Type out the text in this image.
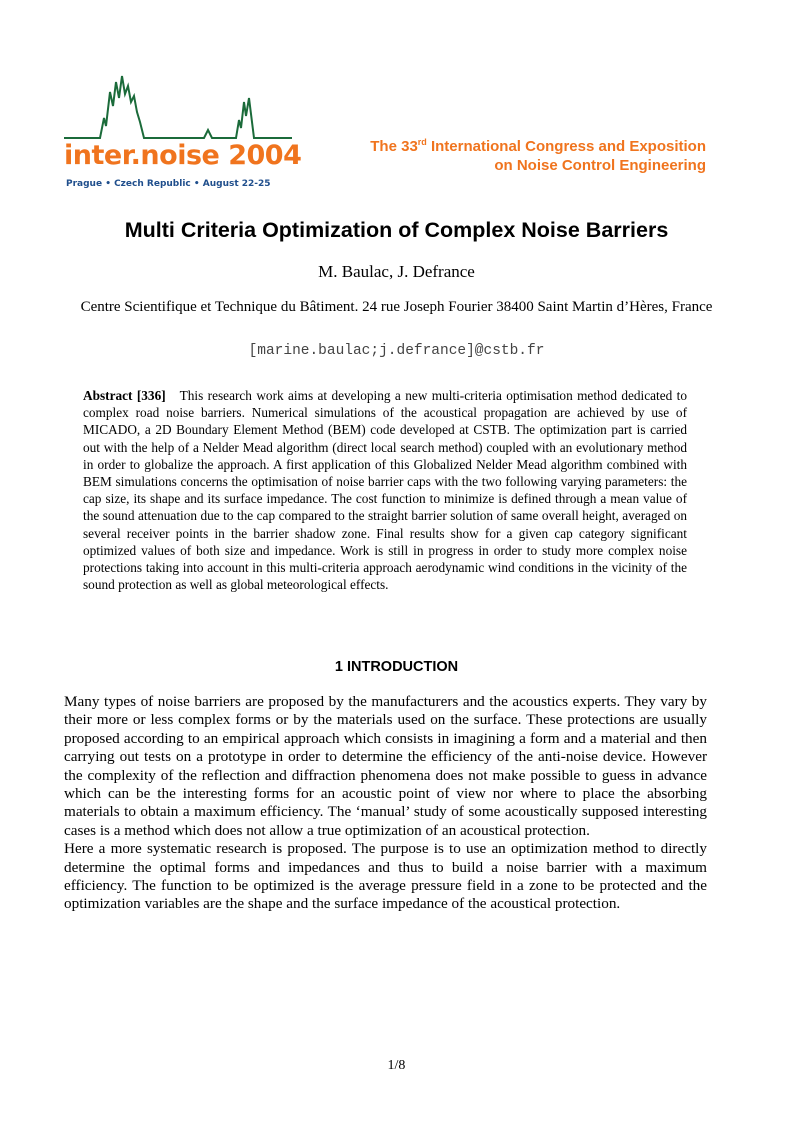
inter.noise 2004
Prague • Czech Republic • August 22-25
The 33rd International Congress and Exposition
on Noise Control Engineering
Multi Criteria Optimization of Complex Noise Barriers
M. Baulac, J. Defrance
Centre Scientifique et Technique du Bâtiment. 24 rue Joseph Fourier 38400 Saint Martin d’Hères, France
[marine.baulac;j.defrance]@cstb.fr

Abstract [336] This research work aims at developing a new multi-criteria optimisation method dedicated to complex road noise barriers. Numerical simulations of the acoustical propagation are achieved by use of MICADO, a 2D Boundary Element Method (BEM) code developed at CSTB. The optimization part is carried out with the help of a Nelder Mead algorithm (direct local search method) coupled with an evolutionary method in order to globalize the approach. A first application of this Globalized Nelder Mead algorithm combined with BEM simulations concerns the optimisation of noise barrier caps with the two following varying parameters: the cap size, its shape and its surface impedance. The cost function to minimize is defined through a mean value of the sound attenuation due to the cap compared to the straight barrier solution of same overall height, averaged on several receiver points in the barrier shadow zone. Final results show for a given cap category significant optimized values of both size and impedance. Work is still in progress in order to study more complex noise protections taking into account in this multi-criteria approach aerodynamic wind conditions in the vicinity of the sound protection as well as global meteorological effects.

1 INTRODUCTION

Many types of noise barriers are proposed by the manufacturers and the acoustics experts. They vary by their more or less complex forms or by the materials used on the surface. These protections are usually proposed according to an empirical approach which consists in imagining a form and a material and then carrying out tests on a prototype in order to determine the efficiency of the anti-noise device. However the complexity of the reflection and diffraction phenomena does not make possible to guess in advance which can be the interesting forms for an acoustic point of view nor where to place the absorbing materials to obtain a maximum efficiency. The ‘manual’ study of some acoustically supposed interesting cases is a method which does not allow a true optimization of an acoustical protection.

Here a more systematic research is proposed. The purpose is to use an optimization method to directly determine the optimal forms and impedances and thus to build a noise barrier with a maximum efficiency. The function to be optimized is the average pressure field in a zone to be protected and the optimization variables are the shape and the surface impedance of the acoustical protection.

1/8
